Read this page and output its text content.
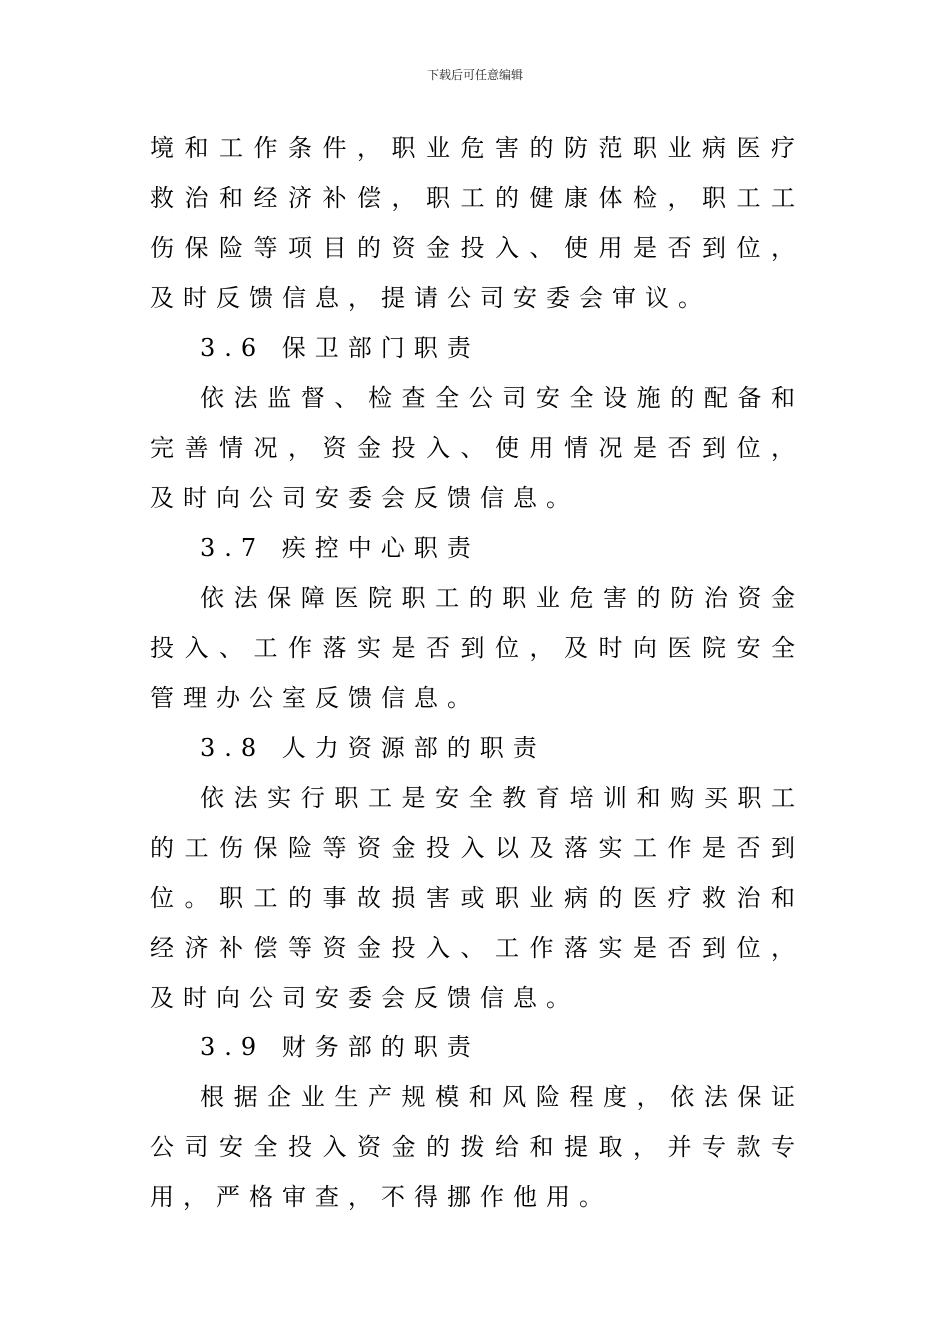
下载后可任意编辑
境和工作条件，职业危害的防范职业病医疗
救治和经济补偿，职工的健康体检，职工工
伤保险等项目的资金投入、使用是否到位，
及时反馈信息，提请公司安委会审议。
3.6 保卫部门职责
依法监督、检查全公司安全设施的配备和
完善情况，资金投入、使用情况是否到位，
及时向公司安委会反馈信息。
3.7 疾控中心职责
依法保障医院职工的职业危害的防治资金
投入、工作落实是否到位，及时向医院安全
管理办公室反馈信息。
3.8 人力资源部的职责
依法实行职工是安全教育培训和购买职工
的工伤保险等资金投入以及落实工作是否到
位。职工的事故损害或职业病的医疗救治和
经济补偿等资金投入、工作落实是否到位，
及时向公司安委会反馈信息。
3.9 财务部的职责
根据企业生产规模和风险程度，依法保证
公司安全投入资金的拨给和提取，并专款专
用，严格审查，不得挪作他用。
